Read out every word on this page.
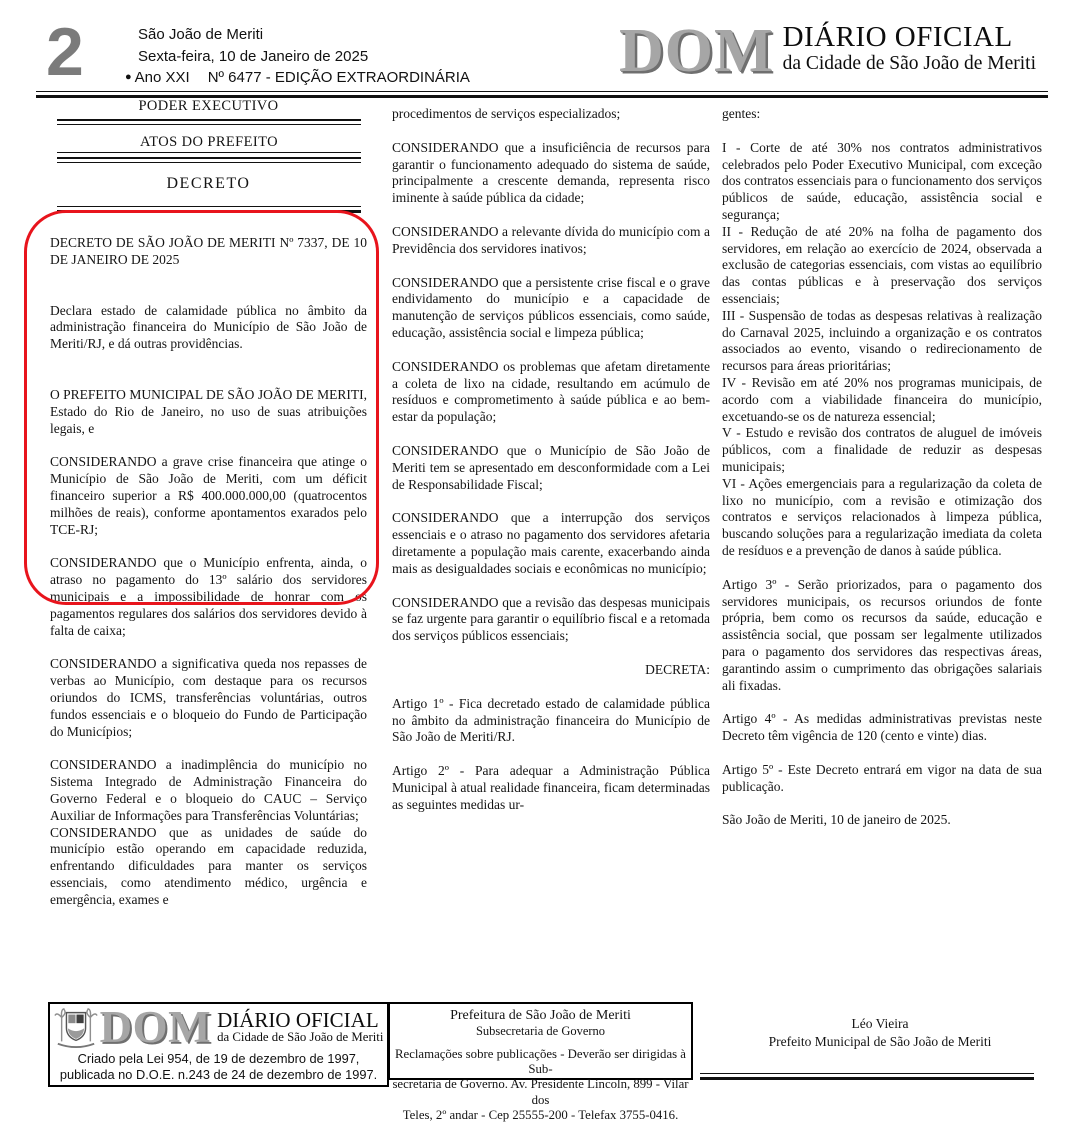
2	São João de Meriti
Sexta-feira, 10 de Janeiro de 2025
● Ano XXI Nº 6477 - EDIÇÃO EXTRAORDINÁRIA DOM DIÁRIO OFICIAL
da Cidade de São João de Meriti

PODER EXECUTIVO

ATOS DO PREFEITO

DECRETO

DECRETO DE SÃO JOÃO DE MERITI Nº 7337, DE 10 DE JANEIRO DE 2025

Declara estado de calamidade pública no âmbito da administração financeira do Município de São João de Meriti/RJ, e dá outras providências.

O PREFEITO MUNICIPAL DE SÃO JOÃO DE MERITI, Estado do Rio de Janeiro, no uso de suas atribuições legais, e

CONSIDERANDO a grave crise financeira que atinge o Município de São João de Meriti, com um déficit financeiro superior a R$ 400.000.000,00 (quatrocentos milhões de reais), conforme apontamentos exarados pelo TCE-RJ;

CONSIDERANDO que o Município enfrenta, ainda, o atraso no pagamento do 13º salário dos servidores municipais e a impossibilidade de honrar com os pagamentos regulares dos salários dos servidores devido à falta de caixa;

CONSIDERANDO a significativa queda nos repasses de verbas ao Município, com destaque para os recursos oriundos do ICMS, transferências voluntárias, outros fundos essenciais e o bloqueio do Fundo de Participação do Municípios;

CONSIDERANDO a inadimplência do município no Sistema Integrado de Administração Financeira do Governo Federal e o bloqueio do CAUC – Serviço Auxiliar de Informações para Transferências Voluntárias;

CONSIDERANDO que as unidades de saúde do município estão operando em capacidade reduzida, enfrentando dificuldades para manter os serviços essenciais, como atendimento médico, urgência e emergência, exames e

procedimentos de serviços especializados;

CONSIDERANDO que a insuficiência de recursos para garantir o funcionamento adequado do sistema de saúde, principalmente a crescente demanda, representa risco iminente à saúde pública da cidade;

CONSIDERANDO a relevante dívida do município com a Previdência dos servidores inativos;

CONSIDERANDO que a persistente crise fiscal e o grave endividamento do município e a capacidade de manutenção de serviços públicos essenciais, como saúde, educação, assistência social e limpeza pública;

CONSIDERANDO os problemas que afetam diretamente a coleta de lixo na cidade, resultando em acúmulo de resíduos e comprometimento à saúde pública e ao bem-estar da população;

CONSIDERANDO que o Município de São João de Meriti tem se apresentado em desconformidade com a Lei de Responsabilidade Fiscal;

CONSIDERANDO que a interrupção dos serviços essenciais e o atraso no pagamento dos servidores afetaria diretamente a população mais carente, exacerbando ainda mais as desigualdades sociais e econômicas no município;

CONSIDERANDO que a revisão das despesas municipais se faz urgente para garantir o equilíbrio fiscal e a retomada dos serviços públicos essenciais;

DECRETA:

Artigo 1º - Fica decretado estado de calamidade pública no âmbito da administração financeira do Município de São João de Meriti/RJ.

Artigo 2º - Para adequar a Administração Pública Municipal à atual realidade financeira, ficam determinadas as seguintes medidas ur-

gentes:

I - Corte de até 30% nos contratos administrativos celebrados pelo Poder Executivo Municipal, com exceção dos contratos essenciais para o funcionamento dos serviços públicos de saúde, educação, assistência social e segurança;

II - Redução de até 20% na folha de pagamento dos servidores, em relação ao exercício de 2024, observada a exclusão de categorias essenciais, com vistas ao equilíbrio das contas públicas e à preservação dos serviços essenciais;

III - Suspensão de todas as despesas relativas à realização do Carnaval 2025, incluindo a organização e os contratos associados ao evento, visando o redirecionamento de recursos para áreas prioritárias;

IV - Revisão em até 20% nos programas municipais, de acordo com a viabilidade financeira do município, excetuando-se os de natureza essencial;

V - Estudo e revisão dos contratos de aluguel de imóveis públicos, com a finalidade de reduzir as despesas municipais;

VI - Ações emergenciais para a regularização da coleta de lixo no município, com a revisão e otimização dos contratos e serviços relacionados à limpeza pública, buscando soluções para a regularização imediata da coleta de resíduos e a prevenção de danos à saúde pública.

Artigo 3º - Serão priorizados, para o pagamento dos servidores municipais, os recursos oriundos de fonte própria, bem como os recursos da saúde, educação e assistência social, que possam ser legalmente utilizados para o pagamento dos servidores das respectivas áreas, garantindo assim o cumprimento das obrigações salariais ali fixadas.

Artigo 4º - As medidas administrativas previstas neste Decreto têm vigência de 120 (cento e vinte) dias.

Artigo 5º - Este Decreto entrará em vigor na data de sua publicação.

São João de Meriti, 10 de janeiro de 2025.

DOM DIÁRIO OFICIAL
da Cidade de São João de Meriti
Criado pela Lei 954, de 19 de dezembro de 1997,
publicada no D.O.E. n.243 de 24 de dezembro de 1997.
Prefeitura de São João de Meriti
Subsecretaria de Governo

Reclamações sobre publicações - Deverão ser dirigidas à Sub-

secretaria de Governo. Av. Presidente Lincoln, 899 - Vilar dos

Teles, 2º andar - Cep 25555-200 - Telefax 3755-0416.

Léo Vieira
Prefeito Municipal de São João de Meriti
